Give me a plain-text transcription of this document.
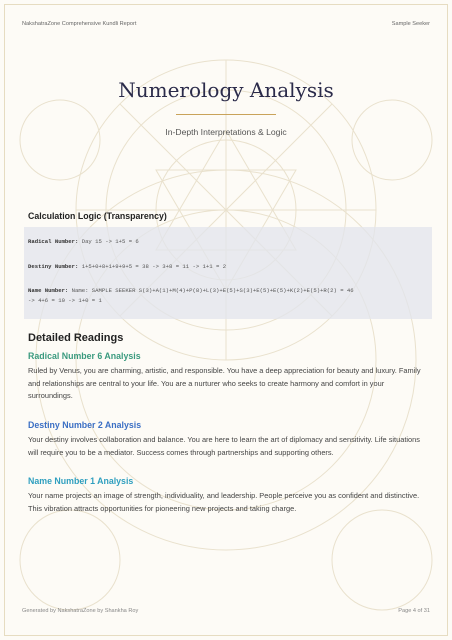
NakshatraZone Comprehensive Kundli Report	Sample Seeker
Numerology Analysis
In-Depth Interpretations & Logic
Calculation Logic (Transparency)
Radical Number: Day 15 -> 1+5 = 6
Destiny Number: 1+5+0+8+1+9+9+5 = 38 -> 3+8 = 11 -> 1+1 = 2
Name Number: Name: SAMPLE SEEKER S(3)+A(1)+M(4)+P(8)+L(3)+E(5)+S(3)+E(5)+E(5)+K(2)+E(5)+R(2) = 46
-> 4+6 = 10 -> 1+0 = 1
Detailed Readings
Radical Number 6 Analysis
Ruled by Venus, you are charming, artistic, and responsible. You have a deep appreciation for beauty and luxury. Family and relationships are central to your life. You are a nurturer who seeks to create harmony and comfort in your surroundings.
Destiny Number 2 Analysis
Your destiny involves collaboration and balance. You are here to learn the art of diplomacy and sensitivity. Life situations will require you to be a mediator. Success comes through partnerships and supporting others.
Name Number 1 Analysis
Your name projects an image of strength, individuality, and leadership. People perceive you as confident and distinctive. This vibration attracts opportunities for pioneering new projects and taking charge.
Generated by NakshatraZone by Shankha Roy	Page 4 of 31
